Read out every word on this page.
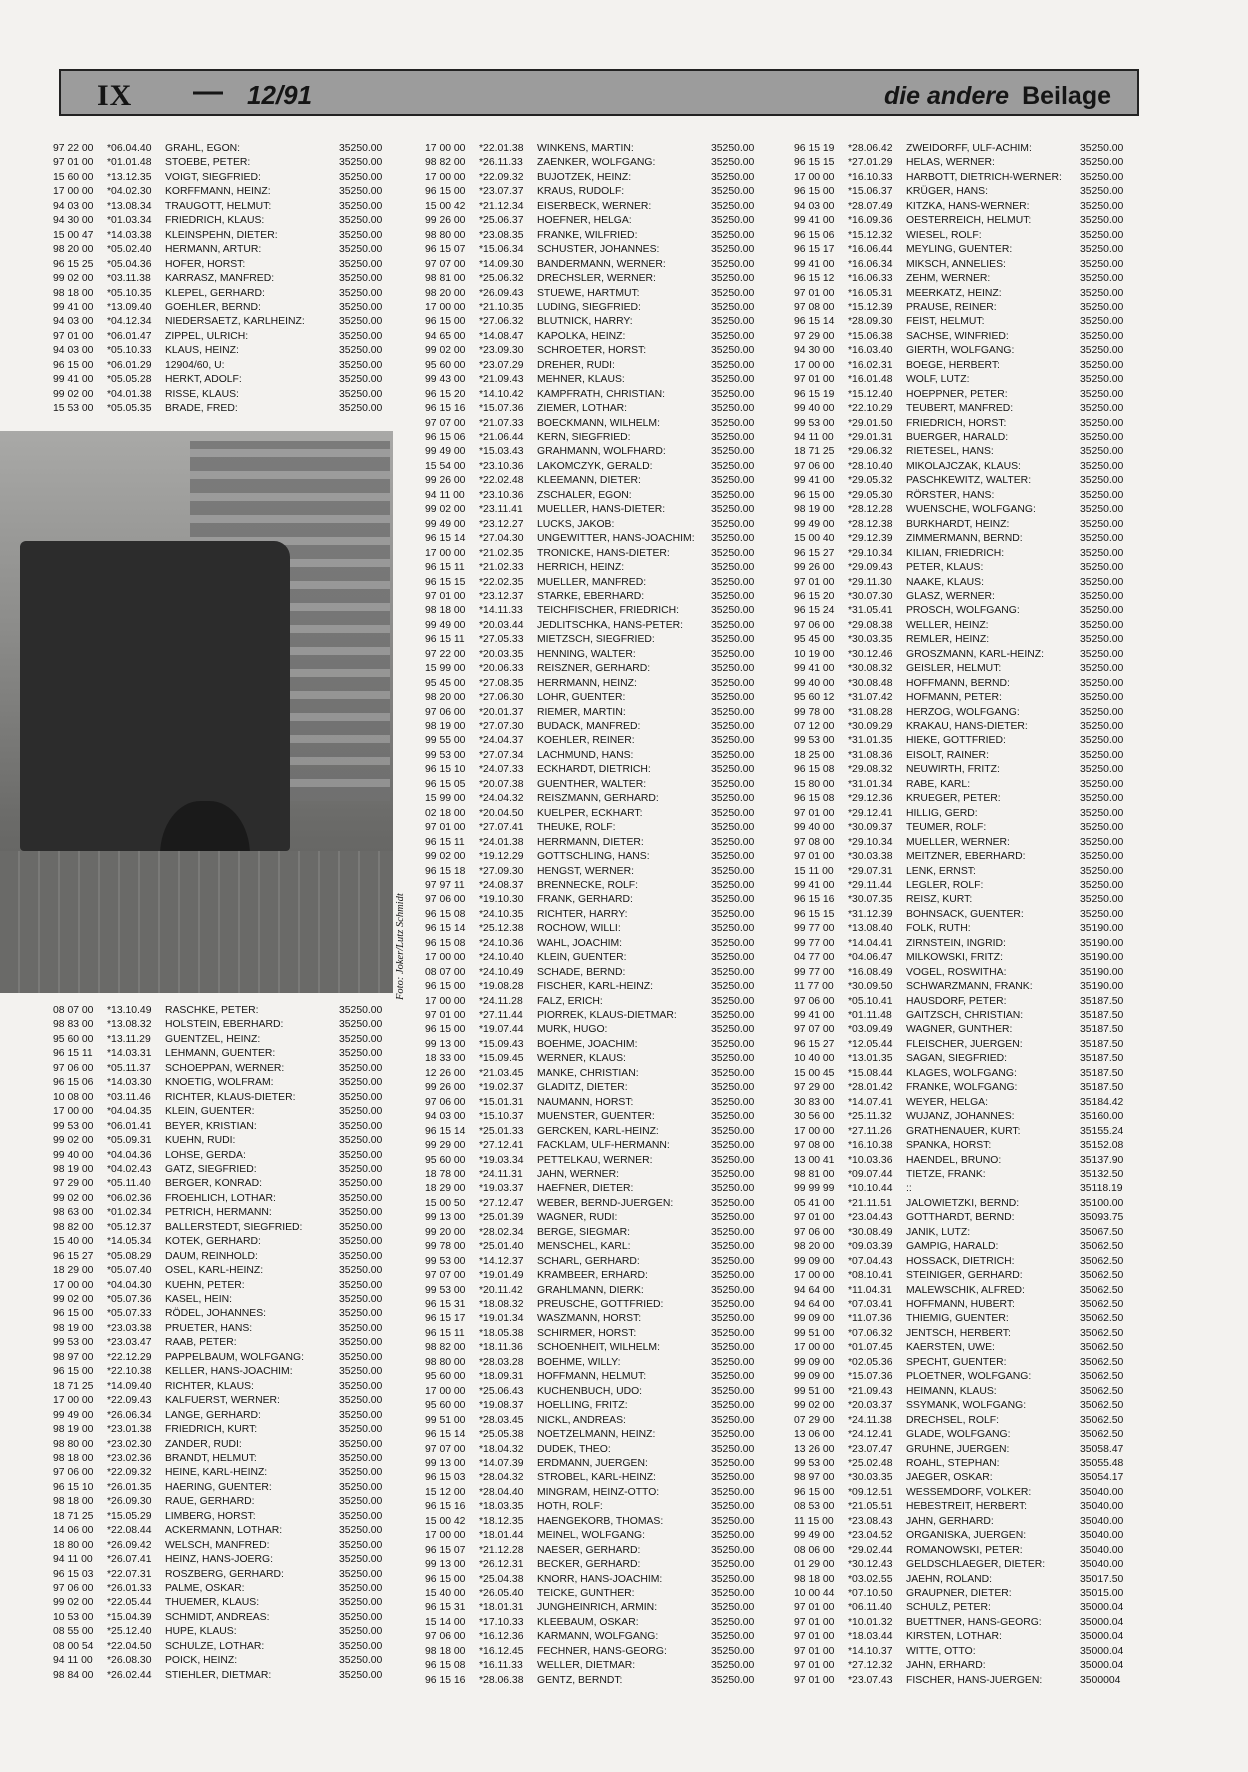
IX — 12/91	die andere Beilage
97 22 00 *06.04.40 GRAHL, EGON:	35250.00
97 01 00 *01.01.48 STOEBE, PETER:	35250.00
15 60 00 *13.12.35 VOIGT, SIEGFRIED:	35250.00
17 00 00 *04.02.30 KORFFMANN, HEINZ:	35250.00
94 03 00 *13.08.34 TRAUGOTT, HELMUT:	35250.00
94 30 00 *01.03.34 FRIEDRICH, KLAUS:	35250.00
15 00 47 *14.03.38 KLEINSPEHN, DIETER:	35250.00
98 20 00 *05.02.40 HERMANN, ARTUR:	35250.00
96 15 25 *05.04.36 HOFER, HORST:	35250.00
99 02 00 *03.11.38 KARRASZ, MANFRED:	35250.00
98 18 00 *05.10.35 KLEPEL, GERHARD:	35250.00
99 41 00 *13.09.40 GOEHLER, BERND:	35250.00
94 03 00 *04.12.34 NIEDERSAETZ, KARLHEINZ:	35250.00
97 01 00 *06.01.47 ZIPPEL, ULRICH:	35250.00
94 03 00 *05.10.33 KLAUS, HEINZ:	35250.00
96 15 00 *06.01.29 12904/60, U:	35250.00
99 41 00 *05.05.28 HERKT, ADOLF:	35250.00
99 02 00 *04.01.38 RISSE, KLAUS:	35250.00
15 53 00 *05.05.35 BRADE, FRED:	35250.00
08 07 00 *13.10.49 RASCHKE, PETER:	35250.00
98 83 00 *13.08.32 HOLSTEIN, EBERHARD:	35250.00
95 60 00 *13.11.29 GUENTZEL, HEINZ:	35250.00
96 15 11 *14.03.31 LEHMANN, GUENTER:	35250.00
97 06 00 *05.11.37 SCHOEPPAN, WERNER:	35250.00
96 15 06 *14.03.30 KNOETIG, WOLFRAM:	35250.00
10 08 00 *03.11.46 RICHTER, KLAUS-DIETER:	35250.00
17 00 00 *04.04.35 KLEIN, GUENTER:	35250.00
99 53 00 *06.01.41 BEYER, KRISTIAN:	35250.00
99 02 00 *05.09.31 KUEHN, RUDI:	35250.00
99 40 00 *04.04.36 LOHSE, GERDA:	35250.00
98 19 00 *04.02.43 GATZ, SIEGFRIED:	35250.00
97 29 00 *05.11.40 BERGER, KONRAD:	35250.00
99 02 00 *06.02.36 FROEHLICH, LOTHAR:	35250.00
98 63 00 *01.02.34 PETRICH, HERMANN:	35250.00
98 82 00 *05.12.37 BALLERSTEDT, SIEGFRIED:	35250.00
15 40 00 *14.05.34 KOTEK, GERHARD:	35250.00
96 15 27 *05.08.29 DAUM, REINHOLD:	35250.00
18 29 00 *05.07.40 OSEL, KARL-HEINZ:	35250.00
17 00 00 *04.04.30 KUEHN, PETER:	35250.00
99 02 00 *05.07.36 KASEL, HEIN:	35250.00
96 15 00 *05.07.33 RÖDEL, JOHANNES:	35250.00
98 19 00 *23.03.38 PRUETER, HANS:	35250.00
99 53 00 *23.03.47 RAAB, PETER:	35250.00
98 97 00 *22.12.29 PAPPELBAUM, WOLFGANG:	35250.00
96 15 00 *22.10.38 KELLER, HANS-JOACHIM:	35250.00
18 71 25 *14.09.40 RICHTER, KLAUS:	35250.00
17 00 00 *22.09.43 KALFUERST, WERNER:	35250.00
99 49 00 *26.06.34 LANGE, GERHARD:	35250.00
98 19 00 *23.01.38 FRIEDRICH, KURT:	35250.00
98 80 00 *23.02.30 ZANDER, RUDI:	35250.00
98 18 00 *23.02.36 BRANDT, HELMUT:	35250.00
97 06 00 *22.09.32 HEINE, KARL-HEINZ:	35250.00
96 15 10 *26.01.35 HAERING, GUENTER:	35250.00
98 18 00 *26.09.30 RAUE, GERHARD:	35250.00
18 71 25 *15.05.29 LIMBERG, HORST:	35250.00
14 06 00 *22.08.44 ACKERMANN, LOTHAR:	35250.00
18 80 00 *26.09.42 WELSCH, MANFRED:	35250.00
94 11 00 *26.07.41 HEINZ, HANS-JOERG:	35250.00
96 15 03 *22.07.31 ROSZBERG, GERHARD:	35250.00
97 06 00 *26.01.33 PALME, OSKAR:	35250.00
99 02 00 *22.05.44 THUEMER, KLAUS:	35250.00
10 53 00 *15.04.39 SCHMIDT, ANDREAS:	35250.00
08 55 00 *25.12.40 HUPE, KLAUS:	35250.00
08 00 54 *22.04.50 SCHULZE, LOTHAR:	35250.00
94 11 00 *26.08.30 POICK, HEINZ:	35250.00
98 84 00 *26.02.44 STIEHLER, DIETMAR:	35250.00
17 00 00 *22.01.38 WINKENS, MARTIN:	35250.00
98 82 00 *26.11.33 ZAENKER, WOLFGANG:	35250.00
17 00 00 *22.09.32 BUJOTZEK, HEINZ:	35250.00
96 15 00 *23.07.37 KRAUS, RUDOLF:	35250.00
15 00 42 *21.12.34 EISERBECK, WERNER:	35250.00
99 26 00 *25.06.37 HOEFNER, HELGA:	35250.00
98 80 00 *23.08.35 FRANKE, WILFRIED:	35250.00
96 15 07 *15.06.34 SCHUSTER, JOHANNES:	35250.00
97 07 00 *14.09.30 BANDERMANN, WERNER:	35250.00
98 81 00 *25.06.32 DRECHSLER, WERNER:	35250.00
98 20 00 *26.09.43 STUEWE, HARTMUT:	35250.00
17 00 00 *21.10.35 LUDING, SIEGFRIED:	35250.00
96 15 00 *27.06.32 BLUTNICK, HARRY:	35250.00
94 65 00 *14.08.47 KAPOLKA, HEINZ:	35250.00
99 02 00 *23.09.30 SCHROETER, HORST:	35250.00
95 60 00 *23.07.29 DREHER, RUDI:	35250.00
99 43 00 *21.09.43 MEHNER, KLAUS:	35250.00
96 15 20 *14.10.42 KAMPFRATH, CHRISTIAN:	35250.00
96 15 16 *15.07.36 ZIEMER, LOTHAR:	35250.00
97 07 00 *21.07.33 BOECKMANN, WILHELM:	35250.00
96 15 06 *21.06.44 KERN, SIEGFRIED:	35250.00
99 49 00 *15.03.43 GRAHMANN, WOLFHARD:	35250.00
15 54 00 *23.10.36 LAKOMCZYK, GERALD:	35250.00
99 26 00 *22.02.48 KLEEMANN, DIETER:	35250.00
94 11 00 *23.10.36 ZSCHALER, EGON:	35250.00
99 02 00 *23.11.41 MUELLER, HANS-DIETER:	35250.00
99 49 00 *23.12.27 LUCKS, JAKOB:	35250.00
96 15 14 *27.04.30 UNGEWITTER, HANS-JOACHIM: 35250.00
17 00 00 *21.02.35 TRONICKE, HANS-DIETER:	35250.00
96 15 11 *21.02.33 HERRICH, HEINZ:	35250.00
96 15 15 *22.02.35 MUELLER, MANFRED:	35250.00
97 01 00 *23.12.37 STARKE, EBERHARD:	35250.00
98 18 00 *14.11.33 TEICHFISCHER, FRIEDRICH:	35250.00
99 49 00 *20.03.44 JEDLITSCHKA, HANS-PETER:	35250.00
96 15 11 *27.05.33 MIETZSCH, SIEGFRIED:	35250.00
97 22 00 *20.03.35 HENNING, WALTER:	35250.00
15 99 00 *20.06.33 REISZNER, GERHARD:	35250.00
95 45 00 *27.08.35 HERRMANN, HEINZ:	35250.00
98 20 00 *27.06.30 LOHR, GUENTER:	35250.00
97 06 00 *20.01.37 RIEMER, MARTIN:	35250.00
98 19 00 *27.07.30 BUDACK, MANFRED:	35250.00
99 55 00 *24.04.37 KOEHLER, REINER:	35250.00
99 53 00 *27.07.34 LACHMUND, HANS:	35250.00
96 15 10 *24.07.33 ECKHARDT, DIETRICH:	35250.00
96 15 05 *20.07.38 GUENTHER, WALTER:	35250.00
15 99 00 *24.04.32 REISZMANN, GERHARD:	35250.00
02 18 00 *20.04.50 KUELPER, ECKHART:	35250.00
97 01 00 *27.07.41 THEUKE, ROLF:	35250.00
96 15 11 *24.01.38 HERRMANN, DIETER:	35250.00
99 02 00 *19.12.29 GOTTSCHLING, HANS:	35250.00
96 15 18 *27.09.30 HENGST, WERNER:	35250.00
97 97 11 *24.08.37 BRENNECKE, ROLF:	35250.00
97 06 00 *19.10.30 FRANK, GERHARD:	35250.00
96 15 08 *24.10.35 RICHTER, HARRY:	35250.00
96 15 14 *25.12.38 ROCHOW, WILLI:	35250.00
96 15 08 *24.10.36 WAHL, JOACHIM:	35250.00
17 00 00 *24.10.40 KLEIN, GUENTER:	35250.00
08 07 00 *24.10.49 SCHADE, BERND:	35250.00
96 15 00 *19.08.28 FISCHER, KARL-HEINZ:	35250.00
17 00 00 *24.11.28 FALZ, ERICH:	35250.00
97 01 00 *27.11.44 PIORREK, KLAUS-DIETMAR:	35250.00
96 15 00 *19.07.44 MURK, HUGO:	35250.00
99 13 00 *15.09.43 BOEHME, JOACHIM:	35250.00
18 33 00 *15.09.45 WERNER, KLAUS:	35250.00
12 26 00 *21.03.45 MANKE, CHRISTIAN:	35250.00
99 26 00 *19.02.37 GLADITZ, DIETER:	35250.00
97 06 00 *15.01.31 NAUMANN, HORST:	35250.00
94 03 00 *15.10.37 MUENSTER, GUENTER:	35250.00
96 15 14 *25.01.33 GERCKEN, KARL-HEINZ:	35250.00
99 29 00 *27.12.41 FACKLAM, ULF-HERMANN:	35250.00
95 60 00 *19.03.34 PETTELKAU, WERNER:	35250.00
18 78 00 *24.11.31 JAHN, WERNER:	35250.00
18 29 00 *19.03.37 HAEFNER, DIETER:	35250.00
15 00 50 *27.12.47 WEBER, BERND-JUERGEN:	35250.00
99 13 00 *25.01.39 WAGNER, RUDI:	35250.00
99 20 00 *28.02.34 BERGE, SIEGMAR:	35250.00
99 78 00 *25.01.40 MENSCHEL, KARL:	35250.00
99 53 00 *14.12.37 SCHARL, GERHARD:	35250.00
97 07 00 *19.01.49 KRAMBEER, ERHARD:	35250.00
99 53 00 *20.11.42 GRAHLMANN, DIERK:	35250.00
96 15 31 *18.08.32 PREUSCHE, GOTTFRIED:	35250.00
96 15 17 *19.01.34 WASZMANN, HORST:	35250.00
96 15 11 *18.05.38 SCHIRMER, HORST:	35250.00
98 82 00 *18.11.36 SCHOENHEIT, WILHELM:	35250.00
98 80 00 *28.03.28 BOEHME, WILLY:	35250.00
95 60 00 *18.09.31 HOFFMANN, HELMUT:	35250.00
17 00 00 *25.06.43 KUCHENBUCH, UDO:	35250.00
95 60 00 *19.08.37 HOELLING, FRITZ:	35250.00
99 51 00 *28.03.45 NICKL, ANDREAS:	35250.00
96 15 14 *25.05.38 NOETZELMANN, HEINZ:	35250.00
97 07 00 *18.04.32 DUDEK, THEO:	35250.00
99 13 00 *14.07.39 ERDMANN, JUERGEN:	35250.00
96 15 03 *28.04.32 STROBEL, KARL-HEINZ:	35250.00
15 12 00 *28.04.40 MINGRAM, HEINZ-OTTO:	35250.00
96 15 16 *18.03.35 HOTH, ROLF:	35250.00
15 00 42 *18.12.35 HAENGEKORB, THOMAS:	35250.00
17 00 00 *18.01.44 MEINEL, WOLFGANG:	35250.00
96 15 07 *21.12.28 NAESER, GERHARD:	35250.00
99 13 00 *26.12.31 BECKER, GERHARD:	35250.00
96 15 00 *25.04.38 KNORR, HANS-JOACHIM:	35250.00
15 40 00 *26.05.40 TEICKE, GUNTHER:	35250.00
96 15 31 *18.01.31 JUNGHEINRICH, ARMIN:	35250.00
15 14 00 *17.10.33 KLEEBAUM, OSKAR:	35250.00
97 06 00 *16.12.36 KARMANN, WOLFGANG:	35250.00
98 18 00 *16.12.45 FECHNER, HANS-GEORG:	35250.00
96 15 08 *16.11.33 WELLER, DIETMAR:	35250.00
96 15 16 *28.06.38 GENTZ, BERNDT:	35250.00
96 15 19 *28.06.42 ZWEIDORFF, ULF-ACHIM:	35250.00
96 15 15 *27.01.29 HELAS, WERNER:	35250.00
17 00 00 *16.10.33 HARBOTT, DIETRICH-WERNER: 35250.00
96 15 00 *15.06.37 KRÜGER, HANS:	35250.00
94 03 00 *28.07.49 KITZKA, HANS-WERNER:	35250.00
99 41 00 *16.09.36 OESTERREICH, HELMUT:	35250.00
96 15 06 *15.12.32 WIESEL, ROLF:	35250.00
96 15 17 *16.06.44 MEYLING, GUENTER:	35250.00
99 41 00 *16.06.34 MIKSCH, ANNELIES:	35250.00
96 15 12 *16.06.33 ZEHM, WERNER:	35250.00
97 01 00 *16.05.31 MEERKATZ, HEINZ:	35250.00
97 08 00 *15.12.39 PRAUSE, REINER:	35250.00
96 15 14 *28.09.30 FEIST, HELMUT:	35250.00
97 29 00 *15.06.38 SACHSE, WINFRIED:	35250.00
94 30 00 *16.03.40 GIERTH, WOLFGANG:	35250.00
17 00 00 *16.02.31 BOEGE, HERBERT:	35250.00
97 01 00 *16.01.48 WOLF, LUTZ:	35250.00
96 15 19 *15.12.40 HOEPPNER, PETER:	35250.00
99 40 00 *22.10.29 TEUBERT, MANFRED:	35250.00
99 53 00 *29.01.50 FRIEDRICH, HORST:	35250.00
94 11 00 *29.01.31 BUERGER, HARALD:	35250.00
18 71 25 *29.06.32 RIETESEL, HANS:	35250.00
97 06 00 *28.10.40 MIKOLAJCZAK, KLAUS:	35250.00
99 41 00 *29.05.32 PASCHKEWITZ, WALTER:	35250.00
96 15 00 *29.05.30 RÖRSTER, HANS:	35250.00
98 19 00 *28.12.28 WUENSCHE, WOLFGANG:	35250.00
99 49 00 *28.12.38 BURKHARDT, HEINZ:	35250.00
15 00 40 *29.12.39 ZIMMERMANN, BERND:	35250.00
96 15 27 *29.10.34 KILIAN, FRIEDRICH:	35250.00
99 26 00 *29.09.43 PETER, KLAUS:	35250.00
97 01 00 *29.11.30 NAAKE, KLAUS:	35250.00
96 15 20 *30.07.30 GLASZ, WERNER:	35250.00
96 15 24 *31.05.41 PROSCH, WOLFGANG:	35250.00
97 06 00 *29.08.38 WELLER, HEINZ:	35250.00
95 45 00 *30.03.35 REMLER, HEINZ:	35250.00
10 19 00 *30.12.46 GROSZMANN, KARL-HEINZ:	35250.00
99 41 00 *30.08.32 GEISLER, HELMUT:	35250.00
99 40 00 *30.08.48 HOFFMANN, BERND:	35250.00
95 60 12 *31.07.42 HOFMANN, PETER:	35250.00
99 78 00 *31.08.28 HERZOG, WOLFGANG:	35250.00
07 12 00 *30.09.29 KRAKAU, HANS-DIETER:	35250.00
99 53 00 *31.01.35 HIEKE, GOTTFRIED:	35250.00
18 25 00 *31.08.36 EISOLT, RAINER:	35250.00
96 15 08 *29.08.32 NEUWIRTH, FRITZ:	35250.00
15 80 00 *31.01.34 RABE, KARL:	35250.00
96 15 08 *29.12.36 KRUEGER, PETER:	35250.00
97 01 00 *29.12.41 HILLIG, GERD:	35250.00
99 40 00 *30.09.37 TEUMER, ROLF:	35250.00
97 08 00 *29.10.34 MUELLER, WERNER:	35250.00
97 01 00 *30.03.38 MEITZNER, EBERHARD:	35250.00
15 11 00 *29.07.31 LENK, ERNST:	35250.00
99 41 00 *29.11.44 LEGLER, ROLF:	35250.00
96 15 16 *30.07.35 REISZ, KURT:	35250.00
96 15 15 *31.12.39 BOHNSACK, GUENTER:	35250.00
99 77 00 *13.08.40 FOLK, RUTH:	35190.00
99 77 00 *14.04.41 ZIRNSTEIN, INGRID:	35190.00
04 77 00 *04.06.47 MILKOWSKI, FRITZ:	35190.00
99 77 00 *16.08.49 VOGEL, ROSWITHA:	35190.00
11 77 00 *30.09.50 SCHWARZMANN, FRANK:	35190.00
97 06 00 *05.10.41 HAUSDORF, PETER:	35187.50
99 41 00 *01.11.48 GAITZSCH, CHRISTIAN:	35187.50
97 07 00 *03.09.49 WAGNER, GUNTHER:	35187.50
96 15 27 *12.05.44 FLEISCHER, JUERGEN:	35187.50
10 40 00 *13.01.35 SAGAN, SIEGFRIED:	35187.50
15 00 45 *15.08.44 KLAGES, WOLFGANG:	35187.50
97 29 00 *28.01.42 FRANKE, WOLFGANG:	35187.50
30 83 00 *14.07.41 WEYER, HELGA:	35184.42
30 56 00 *25.11.32 WUJANZ, JOHANNES:	35160.00
17 00 00 *27.11.26 GRATHENAUER, KURT:	35155.24
97 08 00 *16.10.38 SPANKA, HORST:	35152.08
13 00 41 *10.03.36 HAENDEL, BRUNO:	35137.90
98 81 00 *09.07.44 TIETZE, FRANK:	35132.50
99 99 99 *10.10.44 ::	35118.19
05 41 00 *21.11.51 JALOWIETZKI, BERND:	35100.00
97 01 00 *23.04.43 GOTTHARDT, BERND:	35093.75
97 06 00 *30.08.49 JANIK, LUTZ:	35067.50
98 20 00 *09.03.39 GAMPIG, HARALD:	35062.50
99 09 00 *07.04.43 HOSSACK, DIETRICH:	35062.50
17 00 00 *08.10.41 STEINIGER, GERHARD:	35062.50
94 64 00 *11.04.31 MALEWSCHIK, ALFRED:	35062.50
94 64 00 *07.03.41 HOFFMANN, HUBERT:	35062.50
99 09 00 *11.07.36 THIEMIG, GUENTER:	35062.50
99 51 00 *07.06.32 JENTSCH, HERBERT:	35062.50
17 00 00 *01.07.45 KAERSTEN, UWE:	35062.50
99 09 00 *02.05.36 SPECHT, GUENTER:	35062.50
99 09 00 *15.07.36 PLOETNER, WOLFGANG:	35062.50
99 51 00 *21.09.43 HEIMANN, KLAUS:	35062.50
99 02 00 *20.03.37 SSYMANK, WOLFGANG:	35062.50
07 29 00 *24.11.38 DRECHSEL, ROLF:	35062.50
13 06 00 *24.12.41 GLADE, WOLFGANG:	35062.50
13 26 00 *23.07.47 GRUHNE, JUERGEN:	35058.47
99 53 00 *25.02.48 ROAHL, STEPHAN:	35055.48
98 97 00 *30.03.35 JAEGER, OSKAR:	35054.17
96 15 00 *09.12.51 WESSEMDORF, VOLKER:	35040.00
08 53 00 *21.05.51 HEBESTREIT, HERBERT:	35040.00
11 15 00 *23.08.43 JAHN, GERHARD:	35040.00
99 49 00 *23.04.52 ORGANISKA, JUERGEN:	35040.00
08 06 00 *29.02.44 ROMANOWSKI, PETER:	35040.00
01 29 00 *30.12.43 GELDSCHLAEGER, DIETER:	35040.00
98 18 00 *03.02.55 JAEHN, ROLAND:	35017.50
10 00 44 *07.10.50 GRAUPNER, DIETER:	35015.00
97 01 00 *06.11.40 SCHULZ, PETER:	35000.04
97 01 00 *10.01.32 BUETTNER, HANS-GEORG:	35000.04
97 01 00 *18.03.44 KIRSTEN, LOTHAR:	35000.04
97 01 00 *14.10.37 WITTE, OTTO:	35000.04
97 01 00 *27.12.32 JAHN, ERHARD:	35000.04
97 01 00 *23.07.43 FISCHER, HANS-JUERGEN:	3500004
Foto: Joker/Lutz Schmidt
